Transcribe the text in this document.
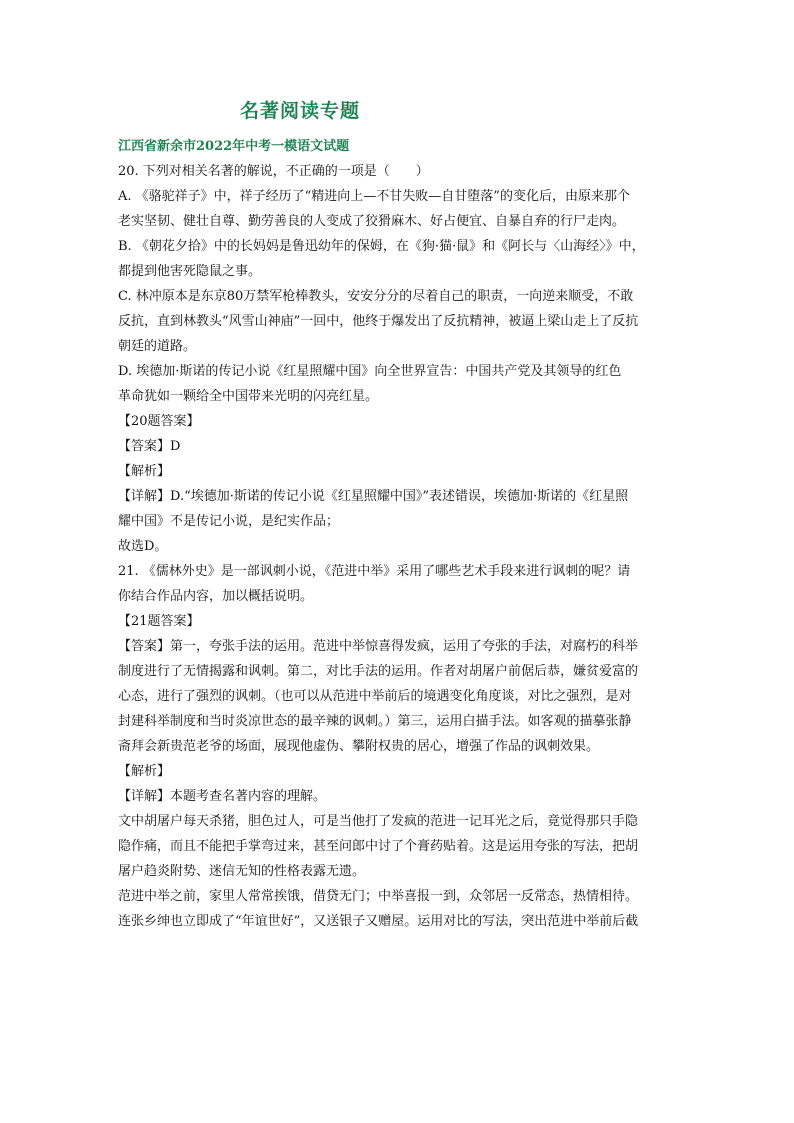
名著阅读专题
江西省新余市2022年中考一模语文试题
20. 下列对相关名著的解说，不正确的一项是（　　）
A. 《骆驼祥子》中，祥子经历了“精进向上—不甘失败—自甘堕落”的变化后，由原来那个
老实坚韧、健壮自尊、勤劳善良的人变成了狡猾麻木、好占便宜、自暴自弃的行尸走肉。
B. 《朝花夕拾》中的长妈妈是鲁迅幼年的保姆，在《狗·猫·鼠》和《阿长与〈山海经〉》中，
都提到他害死隐鼠之事。
C. 林冲原本是东京80万禁军枪棒教头，安安分分的尽着自己的职责，一向逆来顺受，不敢
反抗，直到林教头“风雪山神庙”一回中，他终于爆发出了反抗精神，被逼上梁山走上了反抗
朝廷的道路。
D. 埃德加·斯诺的传记小说《红星照耀中国》向全世界宣告：中国共产党及其领导的红色
革命犹如一颗给全中国带来光明的闪亮红星。
【20题答案】
【答案】D
【解析】
【详解】D.“埃德加·斯诺的传记小说《红星照耀中国》”表述错误，埃德加·斯诺的《红星照
耀中国》不是传记小说，是纪实作品；
故选D。
21. 《儒林外史》是一部讽刺小说，《范进中举》采用了哪些艺术手段来进行讽刺的呢？请
你结合作品内容，加以概括说明。
【21题答案】
【答案】第一，夸张手法的运用。范进中举惊喜得发疯，运用了夸张的手法，对腐朽的科举
制度进行了无情揭露和讽刺。第二，对比手法的运用。作者对胡屠户前倨后恭，嫌贫爱富的
心态，进行了强烈的讽刺。（也可以从范进中举前后的境遇变化角度谈，对比之强烈，是对
封建科举制度和当时炎凉世态的最辛辣的讽刺。）第三，运用白描手法。如客观的描摹张静
斋拜会新贵范老爷的场面，展现他虚伪、攀附权贵的居心，增强了作品的讽刺效果。
【解析】
【详解】本题考查名著内容的理解。
文中胡屠户每天杀猪，胆色过人，可是当他打了发疯的范进一记耳光之后，竟觉得那只手隐
隐作痛，而且不能把手掌弯过来，甚至问郎中讨了个膏药贴着。这是运用夸张的写法，把胡
屠户趋炎附势、迷信无知的性格表露无遗。
范进中举之前，家里人常常挨饿，借贷无门；中举喜报一到，众邻居一反常态，热情相待。
连张乡绅也立即成了“年谊世好”，又送银子又赠屋。运用对比的写法，突出范进中举前后截
